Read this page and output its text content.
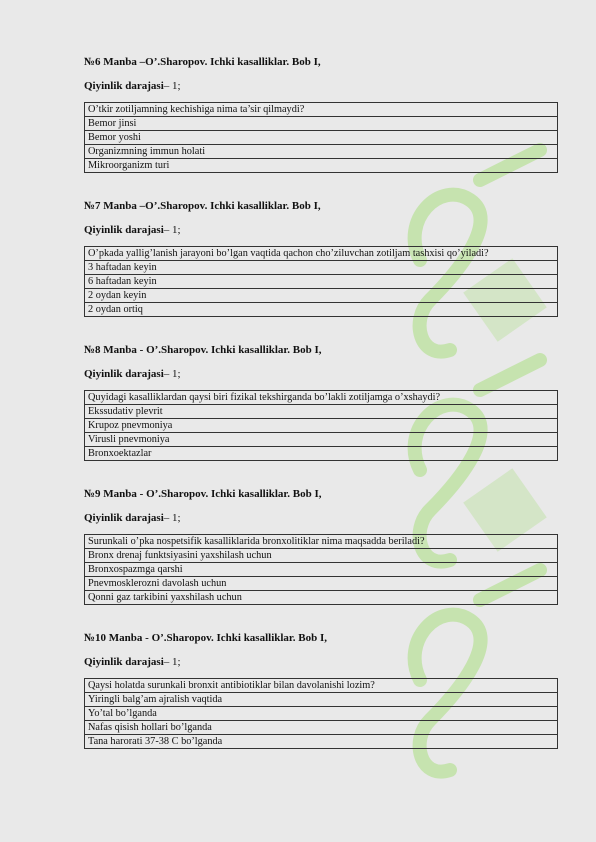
№6 Manba –O’.Sharopov. Ichki kasalliklar. Bob I,
Qiyinlik darajasi– 1;
O’tkir zotiljamning kechishiga nima ta’sir qilmaydi?
Bemor jinsi
Bemor yoshi
Organizmning immun holati
Mikroorganizm turi
№7 Manba –O’.Sharopov. Ichki kasalliklar. Bob I,
Qiyinlik darajasi– 1;
O’pkada yallig’lanish jarayoni bo’lgan vaqtida qachon cho’ziluvchan zotiljam tashxisi qo’yiladi?
3 haftadan keyin
6 haftadan keyin
2 oydan keyin
2 oydan ortiq
№8 Manba - O’.Sharopov. Ichki kasalliklar. Bob I,
Qiyinlik darajasi– 1;
Quyidagi kasalliklardan qaysi biri fizikal tekshirganda bo’lakli zotiljamga o’xshaydi?
Ekssudativ plevrit
Krupoz pnevmoniya
Virusli pnevmoniya
Bronxoektazlar
№9 Manba - O’.Sharopov. Ichki kasalliklar. Bob I,
Qiyinlik darajasi– 1;
Surunkali o’pka nospetsifik kasalliklarida bronxolitiklar nima maqsadda beriladi?
Bronx drenaj funktsiyasini yaxshilash uchun
Bronxospazmga qarshi
Pnevmosklerozni davolash uchun
Qonni gaz tarkibini yaxshilash uchun
№10 Manba - O’.Sharopov. Ichki kasalliklar. Bob I,
Qiyinlik darajasi– 1;
Qaysi holatda surunkali bronxit antibiotiklar bilan davolanishi lozim?
Yiringli balg’am ajralish vaqtida
Yo’tal bo’lganda
Nafas qisish hollari bo’lganda
Tana harorati 37-38 C bo’lganda
